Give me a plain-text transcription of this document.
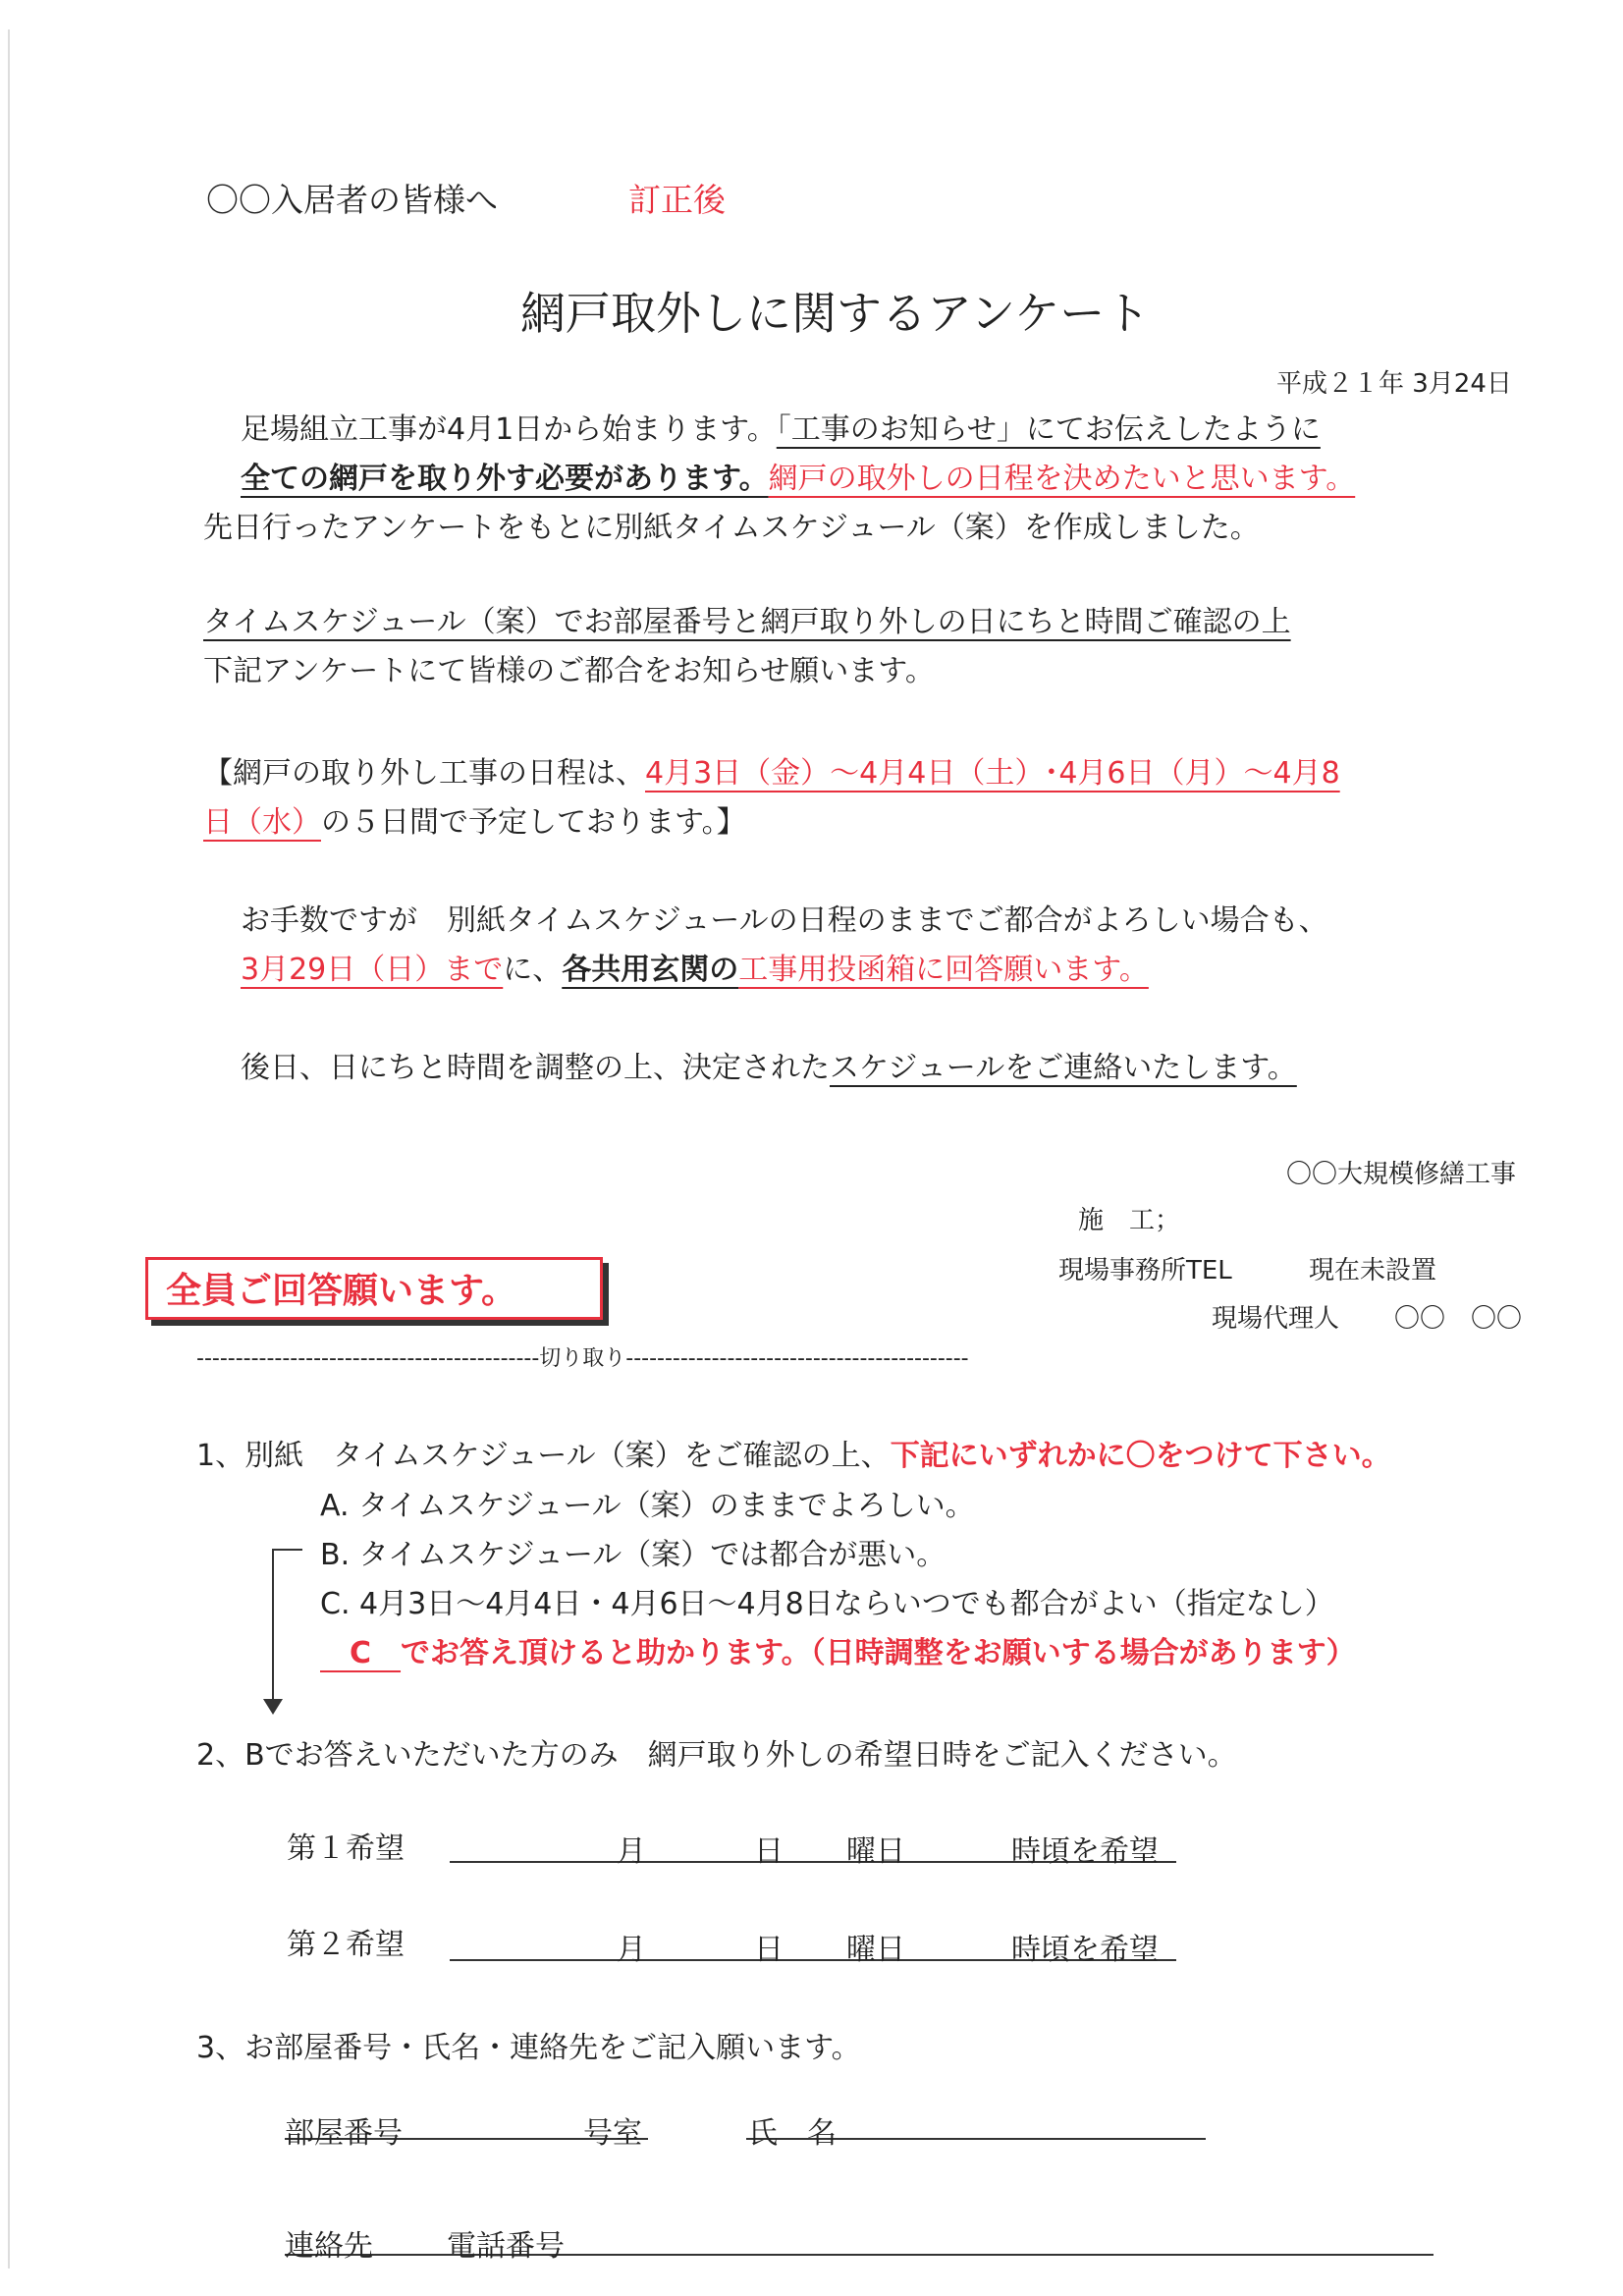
〇〇入居者の皆様へ	訂正後
網戸取外しに関するアンケート
平成２１年 3月24日
足場組立工事が4月1日から始まります。「工事のお知らせ」にてお伝えしたように
全ての網戸を取り外す必要があります。網戸の取外しの日程を決めたいと思います。
先日行ったアンケートをもとに別紙タイムスケジュール（案）を作成しました。
タイムスケジュール（案）でお部屋番号と網戸取り外しの日にちと時間ご確認の上
下記アンケートにて皆様のご都合をお知らせ願います。
【網戸の取り外し工事の日程は、4月3日（金）～4月4日（土）･4月6日（月）～4月8
日（水）の５日間で予定しております。】
お手数ですが　別紙タイムスケジュールの日程のままでご都合がよろしい場合も、
3月29日（日）までに、各共用玄関の工事用投函箱に回答願います。
後日、日にちと時間を調整の上、決定されたスケジュールをご連絡いたします。
〇〇大規模修繕工事
施　工；
現場事務所TEL	現在未設置
現場代理人 〇〇　〇〇
全員ご回答願います。
--------------------------------------------切り取り--------------------------------------------
1、別紙　タイムスケジュール（案）をご確認の上、下記にいずれかに〇をつけて下さい。
A. タイムスケジュール（案）のままでよろしい。
B. タイムスケジュール（案）では都合が悪い。
C. 4月3日～4月4日・4月6日～4月8日ならいつでも都合がよい（指定なし）
　C　でお答え頂けると助かります。（日時調整をお願いする場合があります）
2、Bでお答えいただいた方のみ　網戸取り外しの希望日時をご記入ください。
第１希望	月	日 曜日	時頃を希望
第２希望	月	日 曜日	時頃を希望
3、お部屋番号・氏名・連絡先をご記入願います。
部屋番号	号室	氏　名
連絡先	電話番号
